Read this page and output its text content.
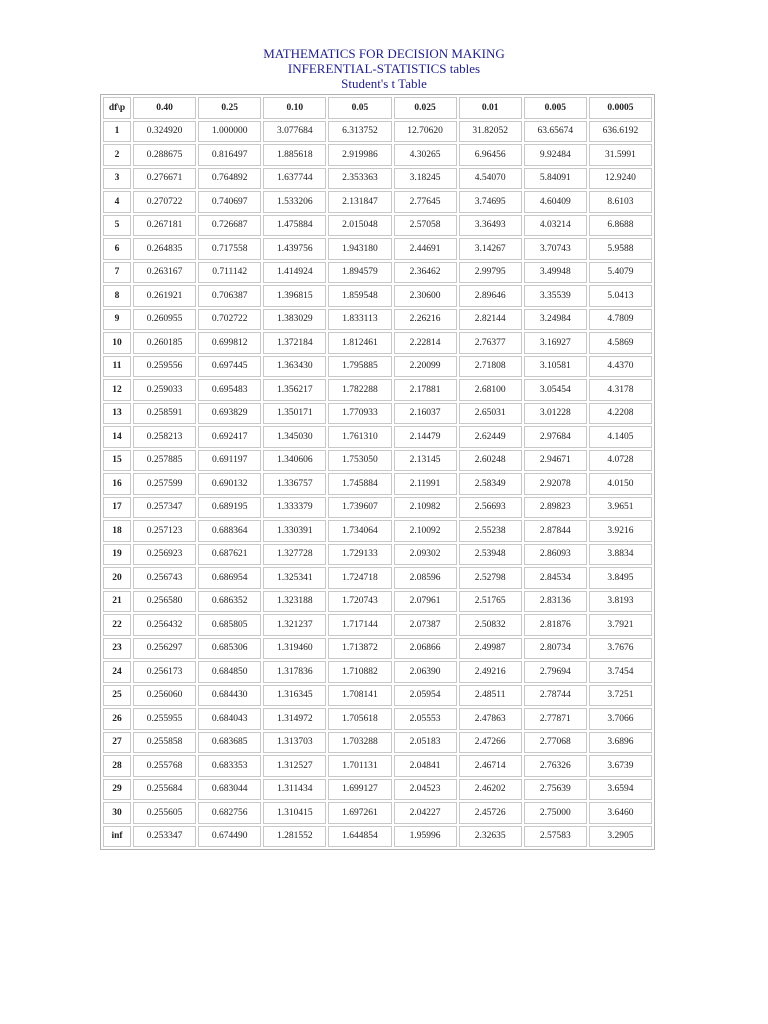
MATHEMATICS FOR DECISION MAKING
INFERENTIAL-STATISTICS tables
Student's t Table
df\p	0.40	0.25	0.10	0.05	0.025	0.01	0.005	0.0005
1	0.324920	1.000000	3.077684	6.313752	12.70620	31.82052	63.65674	636.6192
2	0.288675	0.816497	1.885618	2.919986	4.30265	6.96456	9.92484	31.5991
3	0.276671	0.764892	1.637744	2.353363	3.18245	4.54070	5.84091	12.9240
4	0.270722	0.740697	1.533206	2.131847	2.77645	3.74695	4.60409	8.6103
5	0.267181	0.726687	1.475884	2.015048	2.57058	3.36493	4.03214	6.8688
6	0.264835	0.717558	1.439756	1.943180	2.44691	3.14267	3.70743	5.9588
7	0.263167	0.711142	1.414924	1.894579	2.36462	2.99795	3.49948	5.4079
8	0.261921	0.706387	1.396815	1.859548	2.30600	2.89646	3.35539	5.0413
9	0.260955	0.702722	1.383029	1.833113	2.26216	2.82144	3.24984	4.7809
10	0.260185	0.699812	1.372184	1.812461	2.22814	2.76377	3.16927	4.5869
11	0.259556	0.697445	1.363430	1.795885	2.20099	2.71808	3.10581	4.4370
12	0.259033	0.695483	1.356217	1.782288	2.17881	2.68100	3.05454	4.3178
13	0.258591	0.693829	1.350171	1.770933	2.16037	2.65031	3.01228	4.2208
14	0.258213	0.692417	1.345030	1.761310	2.14479	2.62449	2.97684	4.1405
15	0.257885	0.691197	1.340606	1.753050	2.13145	2.60248	2.94671	4.0728
16	0.257599	0.690132	1.336757	1.745884	2.11991	2.58349	2.92078	4.0150
17	0.257347	0.689195	1.333379	1.739607	2.10982	2.56693	2.89823	3.9651
18	0.257123	0.688364	1.330391	1.734064	2.10092	2.55238	2.87844	3.9216
19	0.256923	0.687621	1.327728	1.729133	2.09302	2.53948	2.86093	3.8834
20	0.256743	0.686954	1.325341	1.724718	2.08596	2.52798	2.84534	3.8495
21	0.256580	0.686352	1.323188	1.720743	2.07961	2.51765	2.83136	3.8193
22	0.256432	0.685805	1.321237	1.717144	2.07387	2.50832	2.81876	3.7921
23	0.256297	0.685306	1.319460	1.713872	2.06866	2.49987	2.80734	3.7676
24	0.256173	0.684850	1.317836	1.710882	2.06390	2.49216	2.79694	3.7454
25	0.256060	0.684430	1.316345	1.708141	2.05954	2.48511	2.78744	3.7251
26	0.255955	0.684043	1.314972	1.705618	2.05553	2.47863	2.77871	3.7066
27	0.255858	0.683685	1.313703	1.703288	2.05183	2.47266	2.77068	3.6896
28	0.255768	0.683353	1.312527	1.701131	2.04841	2.46714	2.76326	3.6739
29	0.255684	0.683044	1.311434	1.699127	2.04523	2.46202	2.75639	3.6594
30	0.255605	0.682756	1.310415	1.697261	2.04227	2.45726	2.75000	3.6460
inf	0.253347	0.674490	1.281552	1.644854	1.95996	2.32635	2.57583	3.2905
